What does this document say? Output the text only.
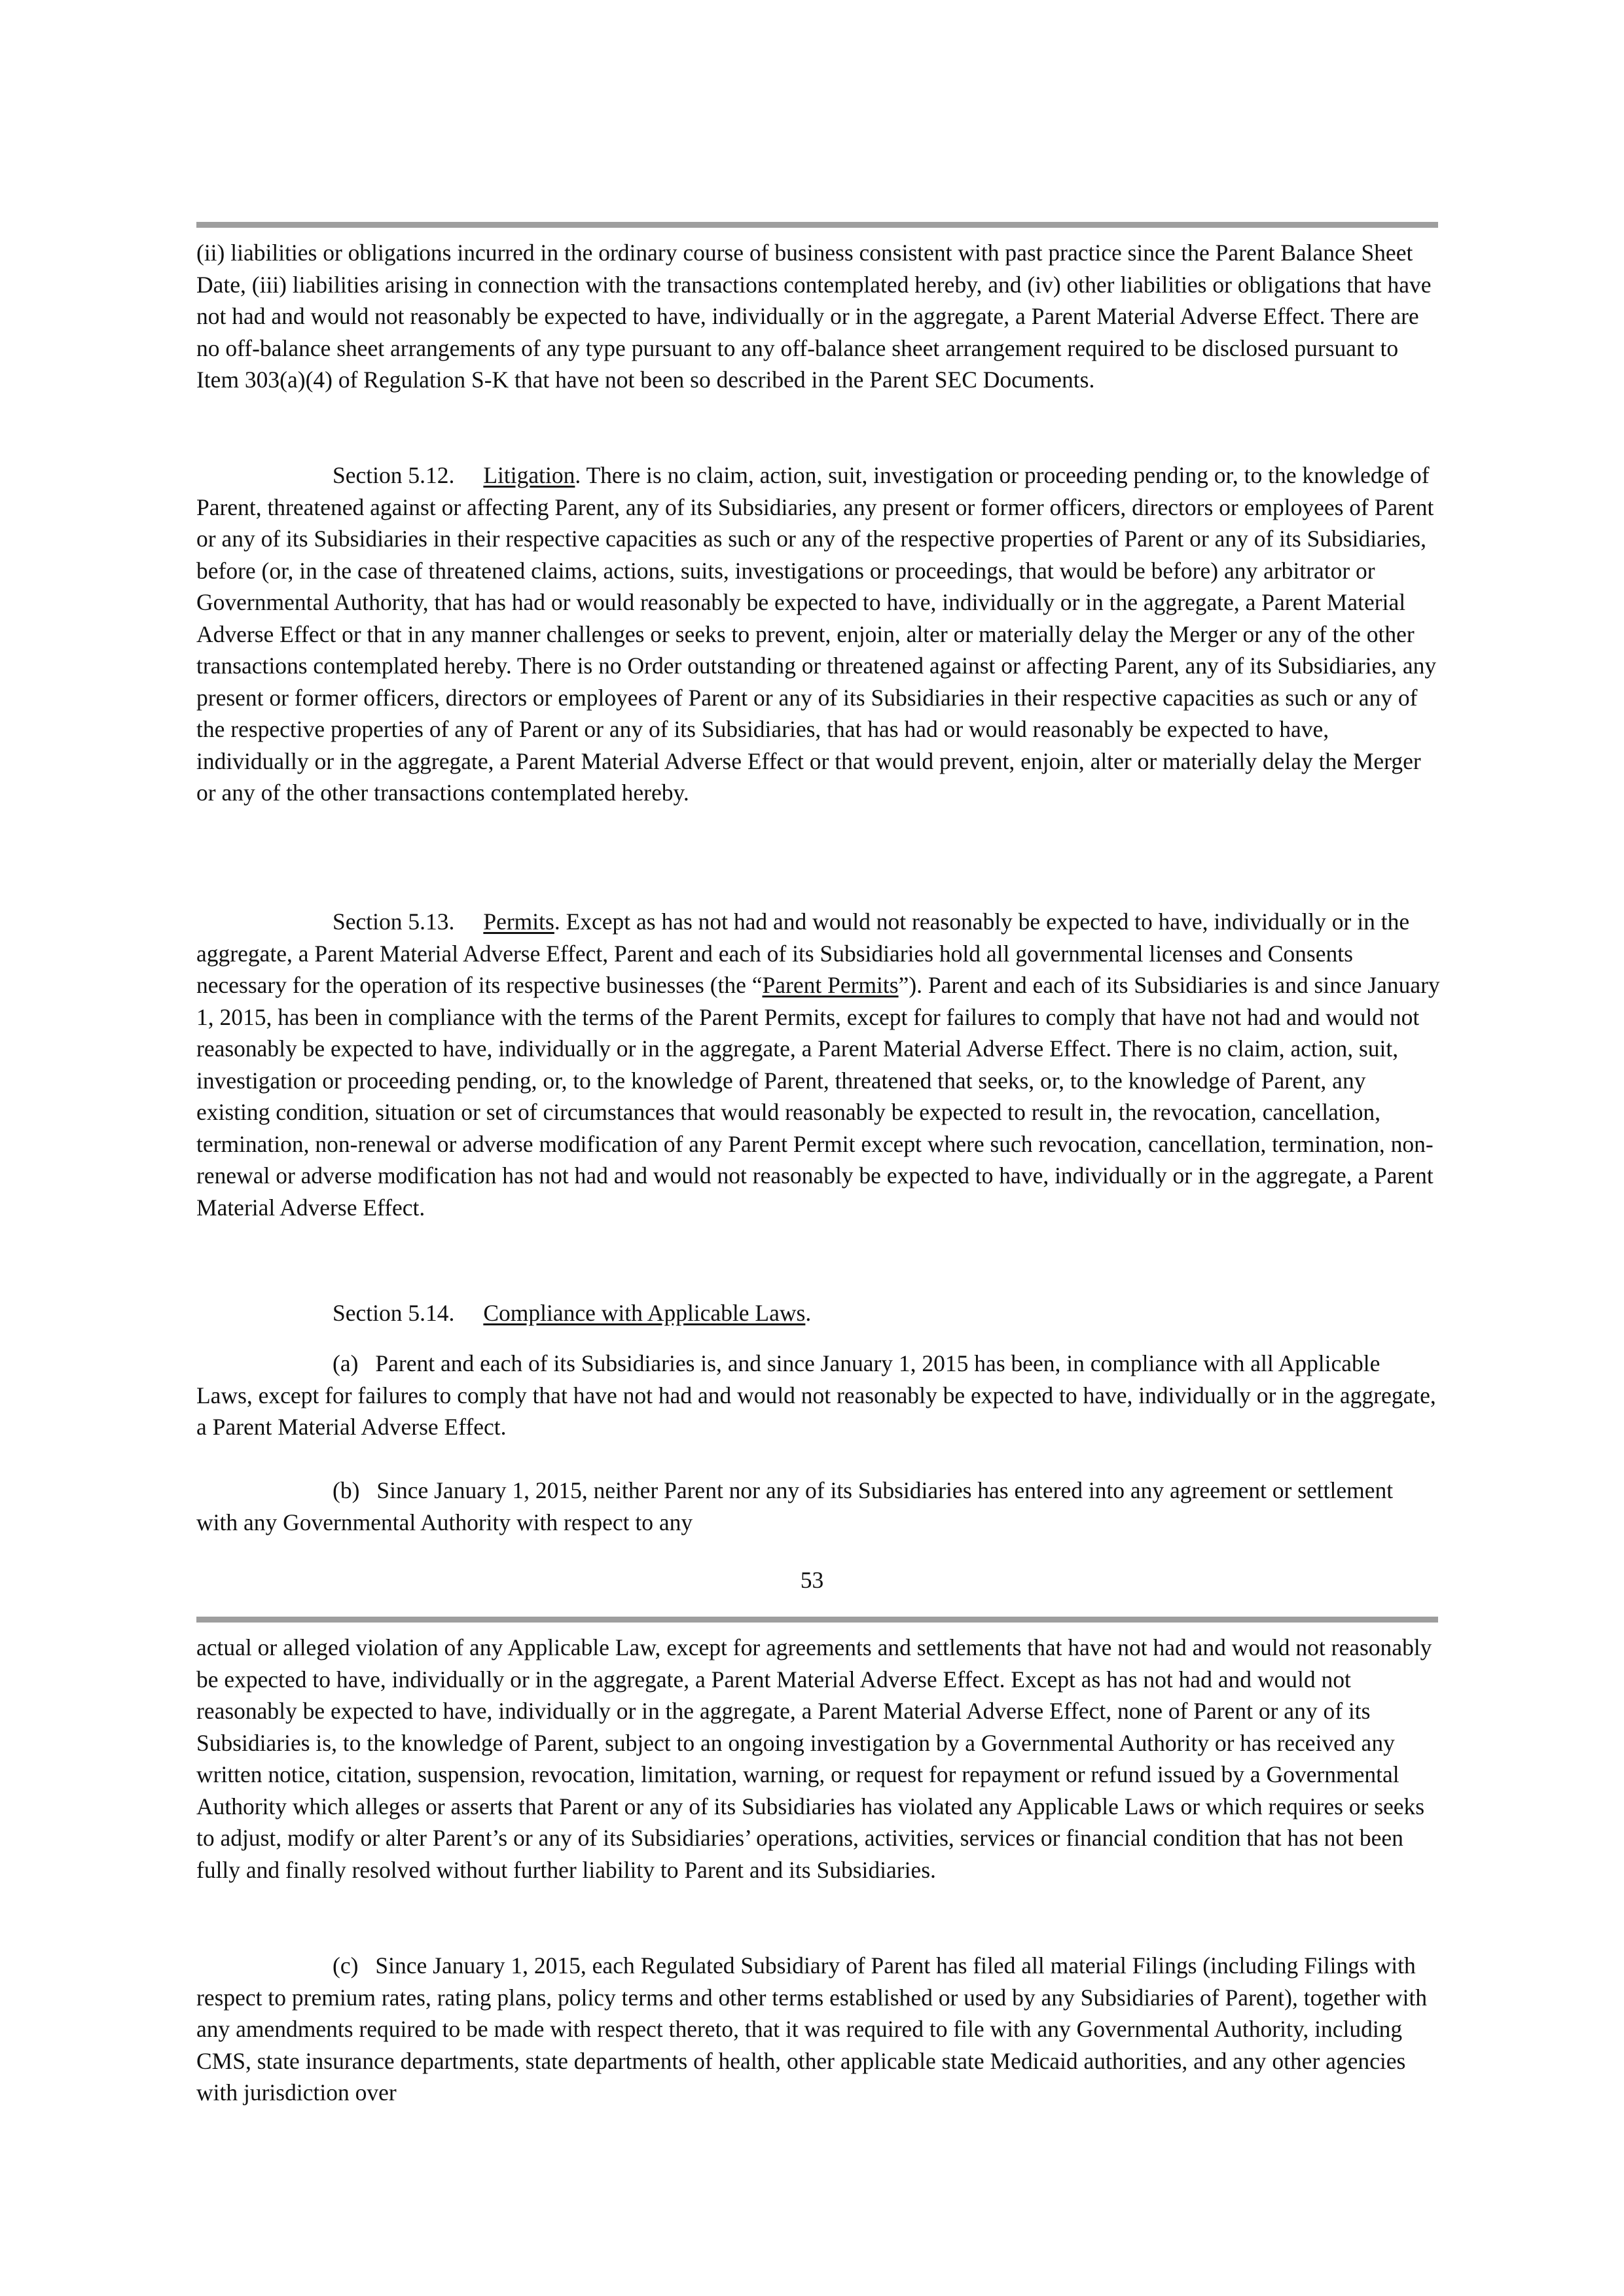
(ii) liabilities or obligations incurred in the ordinary course of business consistent with past practice since the Parent Balance Sheet Date, (iii) liabilities arising in connection with the transactions contemplated hereby, and (iv) other liabilities or obligations that have not had and would not reasonably be expected to have, individually or in the aggregate, a Parent Material Adverse Effect. There are no off-balance sheet arrangements of any type pursuant to any off-balance sheet arrangement required to be disclosed pursuant to Item 303(a)(4) of Regulation S-K that have not been so described in the Parent SEC Documents.

Section 5.12. Litigation. There is no claim, action, suit, investigation or proceeding pending or, to the knowledge of Parent, threatened against or affecting Parent, any of its Subsidiaries, any present or former officers, directors or employees of Parent or any of its Subsidiaries in their respective capacities as such or any of the respective properties of Parent or any of its Subsidiaries, before (or, in the case of threatened claims, actions, suits, investigations or proceedings, that would be before) any arbitrator or Governmental Authority, that has had or would reasonably be expected to have, individually or in the aggregate, a Parent Material Adverse Effect or that in any manner challenges or seeks to prevent, enjoin, alter or materially delay the Merger or any of the other transactions contemplated hereby. There is no Order outstanding or threatened against or affecting Parent, any of its Subsidiaries, any present or former officers, directors or employees of Parent or any of its Subsidiaries in their respective capacities as such or any of the respective properties of any of Parent or any of its Subsidiaries, that has had or would reasonably be expected to have, individually or in the aggregate, a Parent Material Adverse Effect or that would prevent, enjoin, alter or materially delay the Merger or any of the other transactions contemplated hereby.

Section 5.13. Permits. Except as has not had and would not reasonably be expected to have, individually or in the aggregate, a Parent Material Adverse Effect, Parent and each of its Subsidiaries hold all governmental licenses and Consents necessary for the operation of its respective businesses (the “Parent Permits”). Parent and each of its Subsidiaries is and since January 1, 2015, has been in compliance with the terms of the Parent Permits, except for failures to comply that have not had and would not reasonably be expected to have, individually or in the aggregate, a Parent Material Adverse Effect. There is no claim, action, suit, investigation or proceeding pending, or, to the knowledge of Parent, threatened that seeks, or, to the knowledge of Parent, any existing condition, situation or set of circumstances that would reasonably be expected to result in, the revocation, cancellation, termination, non-renewal or adverse modification of any Parent Permit except where such revocation, cancellation, termination, non-renewal or adverse modification has not had and would not reasonably be expected to have, individually or in the aggregate, a Parent Material Adverse Effect.

Section 5.14. Compliance with Applicable Laws.

(a) Parent and each of its Subsidiaries is, and since January 1, 2015 has been, in compliance with all Applicable Laws, except for failures to comply that have not had and would not reasonably be expected to have, individually or in the aggregate, a Parent Material Adverse Effect.

(b) Since January 1, 2015, neither Parent nor any of its Subsidiaries has entered into any agreement or settlement with any Governmental Authority with respect to any

53

actual or alleged violation of any Applicable Law, except for agreements and settlements that have not had and would not reasonably be expected to have, individually or in the aggregate, a Parent Material Adverse Effect. Except as has not had and would not reasonably be expected to have, individually or in the aggregate, a Parent Material Adverse Effect, none of Parent or any of its Subsidiaries is, to the knowledge of Parent, subject to an ongoing investigation by a Governmental Authority or has received any written notice, citation, suspension, revocation, limitation, warning, or request for repayment or refund issued by a Governmental Authority which alleges or asserts that Parent or any of its Subsidiaries has violated any Applicable Laws or which requires or seeks to adjust, modify or alter Parent’s or any of its Subsidiaries’ operations, activities, services or financial condition that has not been fully and finally resolved without further liability to Parent and its Subsidiaries.

(c) Since January 1, 2015, each Regulated Subsidiary of Parent has filed all material Filings (including Filings with respect to premium rates, rating plans, policy terms and other terms established or used by any Subsidiaries of Parent), together with any amendments required to be made with respect thereto, that it was required to file with any Governmental Authority, including CMS, state insurance departments, state departments of health, other applicable state Medicaid authorities, and any other agencies with jurisdiction over
